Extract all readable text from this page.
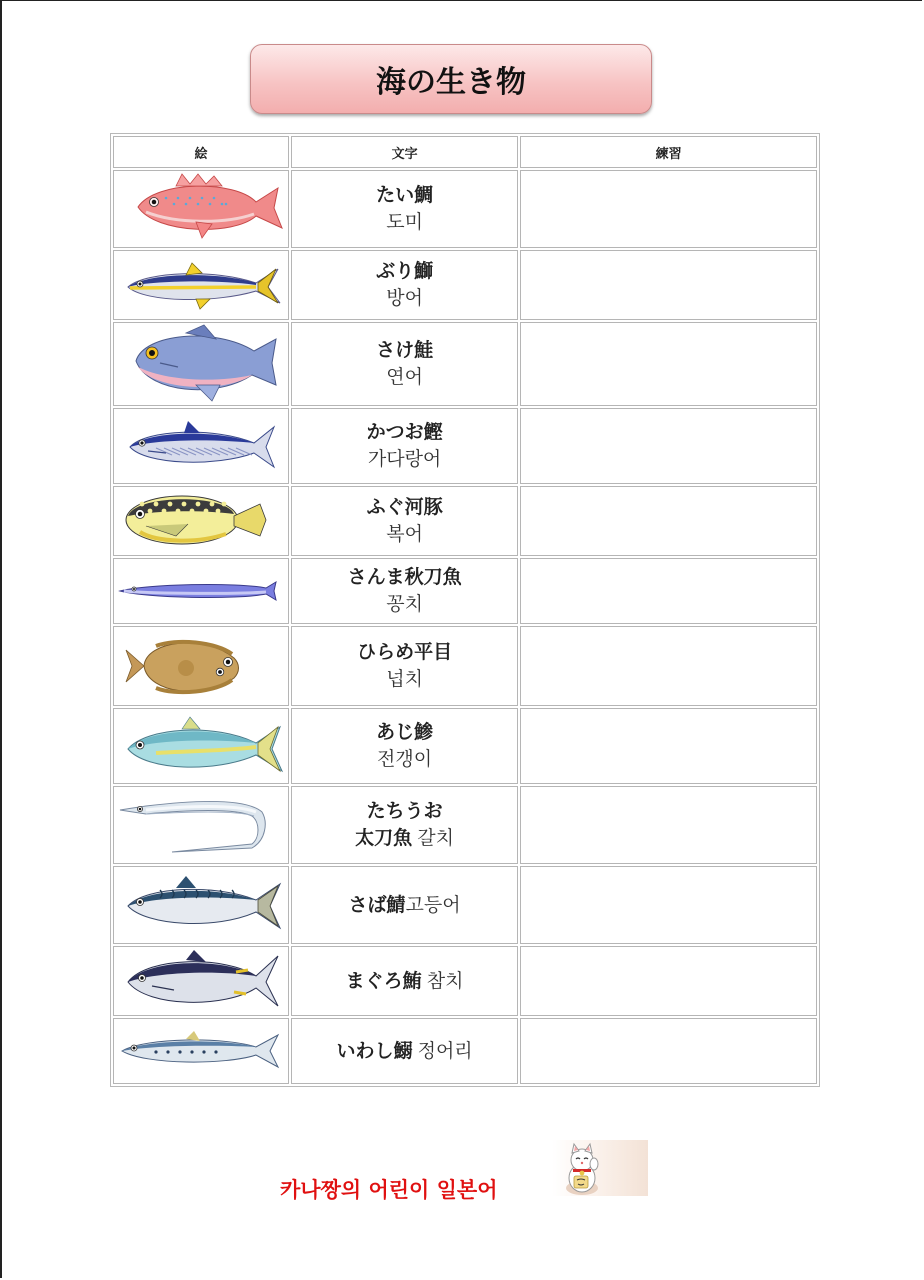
海の生き物
絵	文字	練習

たい鯛
도미	

ぶり鰤
방어	

さけ鮭
연어	

かつお鰹
가다랑어	

ふぐ河豚
복어	

さんま秋刀魚
꽁치	

ひらめ平目
넙치	

あじ鯵
전갱이	

たちうお
太刀魚 갈치	

さば鯖고등어	

まぐろ鮪 참치	

いわし鰯 정어리	

카나짱의 어린이 일본어
